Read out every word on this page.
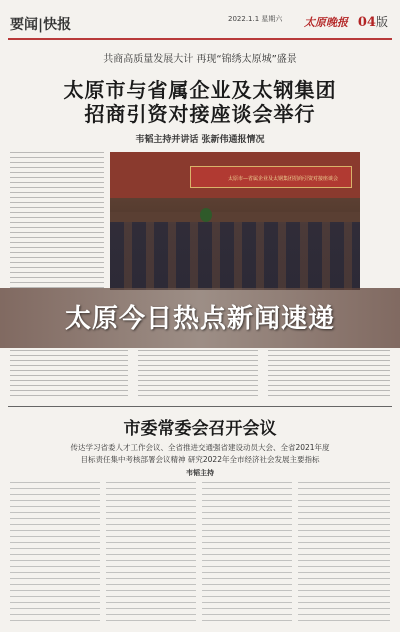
要闻|快报	2022.1.1 星期六 太原晚报 04版
共商高质量发展大计 再现“锦绣太原城”盛景
太原市与省属企业及太钢集团
招商引资对接座谈会举行
韦韬主持并讲话 张新伟通报情况
太原市—省属企业及太钢集团招商引资对接座谈会
太原今日热点新闻速递
市委常委会召开会议
传达学习省委人才工作会议、全省推进交通强省建设动员大会、全省2021年度
目标责任集中考核部署会议精神 研究2022年全市经济社会发展主要指标
韦韬主持
